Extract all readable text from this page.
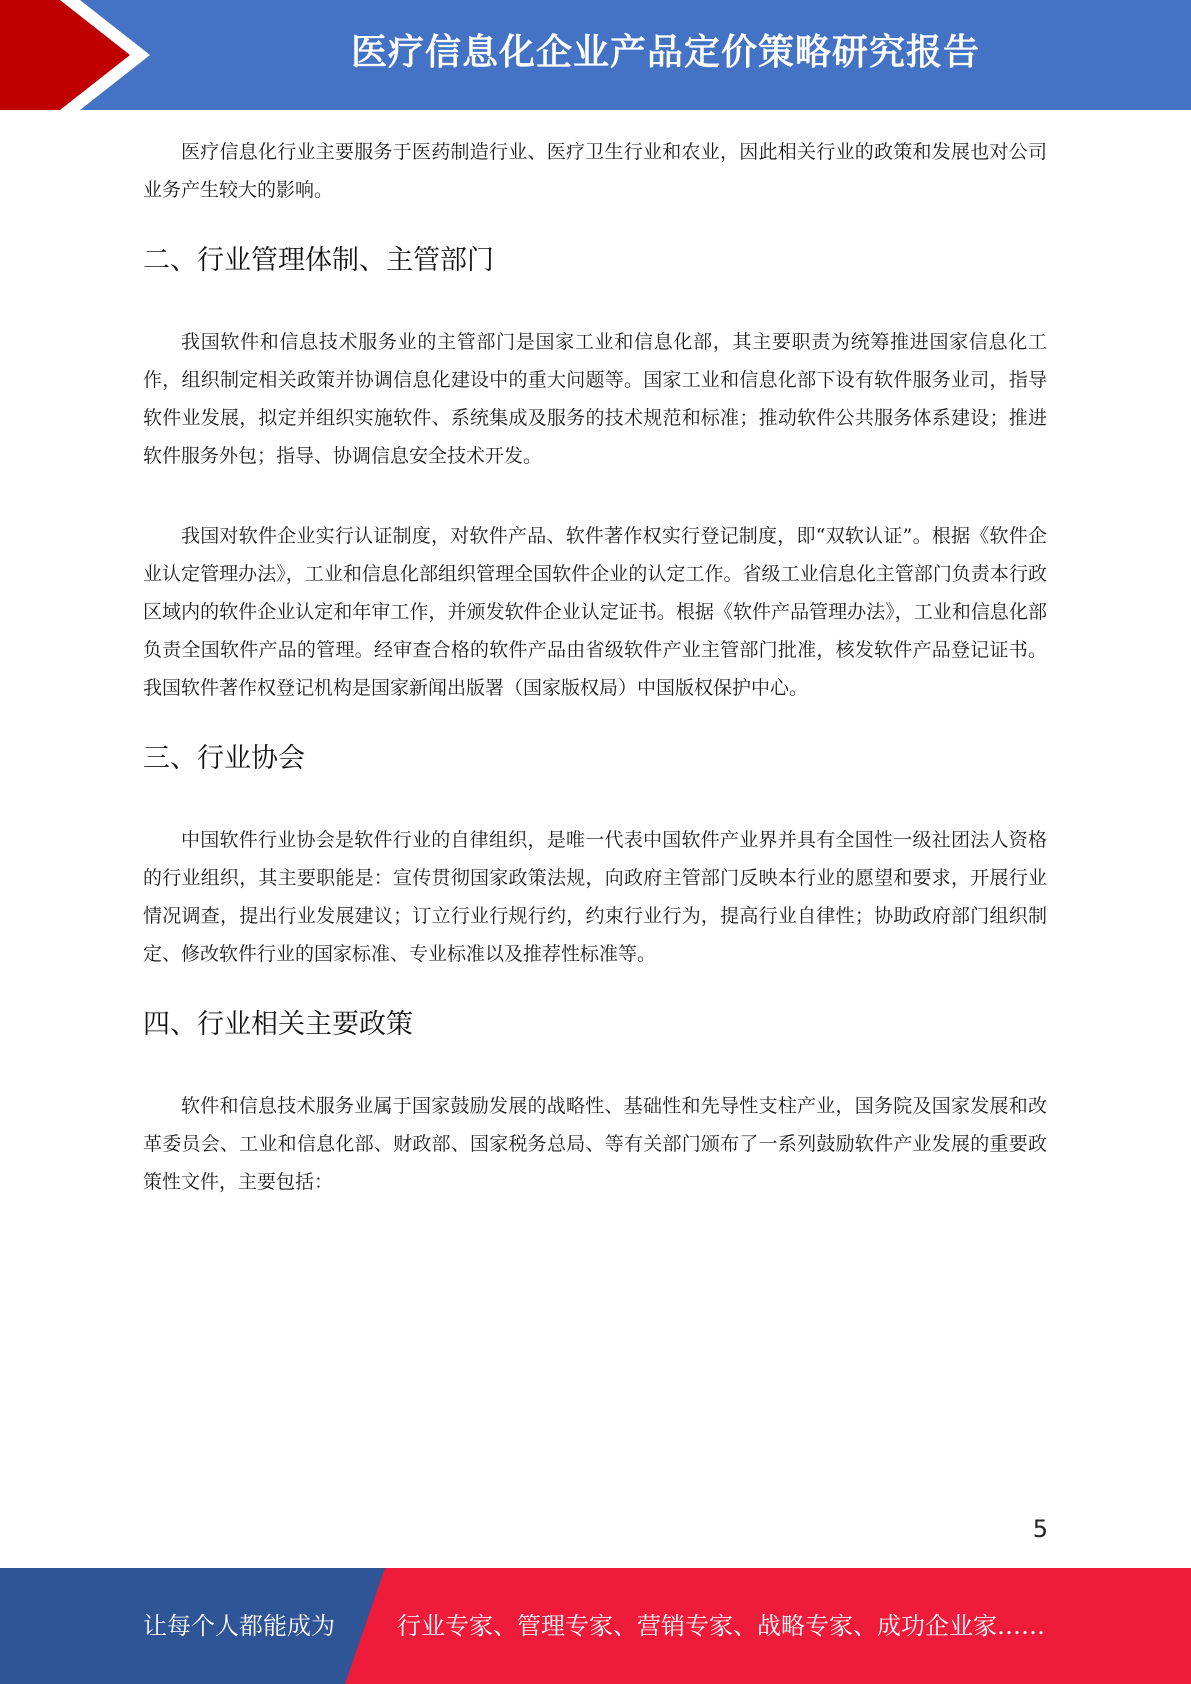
医疗信息化企业产品定价策略研究报告

医疗信息化行业主要服务于医药制造行业、医疗卫生行业和农业，因此相关行业的政策和发展也对公司业务产生较大的影响。

二、行业管理体制、主管部门

我国软件和信息技术服务业的主管部门是国家工业和信息化部，其主要职责为统筹推进国家信息化工作，组织制定相关政策并协调信息化建设中的重大问题等。国家工业和信息化部下设有软件服务业司，指导软件业发展，拟定并组织实施软件、系统集成及服务的技术规范和标准；推动软件公共服务体系建设；推进软件服务外包；指导、协调信息安全技术开发。

我国对软件企业实行认证制度，对软件产品、软件著作权实行登记制度，即“双软认证”。根据《软件企业认定管理办法》，工业和信息化部组织管理全国软件企业的认定工作。省级工业信息化主管部门负责本行政区域内的软件企业认定和年审工作，并颁发软件企业认定证书。根据《软件产品管理办法》，工业和信息化部负责全国软件产品的管理。经审查合格的软件产品由省级软件产业主管部门批准，核发软件产品登记证书。我国软件著作权登记机构是国家新闻出版署（国家版权局）中国版权保护中心。

三、行业协会

中国软件行业协会是软件行业的自律组织，是唯一代表中国软件产业界并具有全国性一级社团法人资格的行业组织，其主要职能是：宣传贯彻国家政策法规，向政府主管部门反映本行业的愿望和要求，开展行业情况调查，提出行业发展建议；订立行业行规行约，约束行业行为，提高行业自律性；协助政府部门组织制定、修改软件行业的国家标准、专业标准以及推荐性标准等。

四、行业相关主要政策

软件和信息技术服务业属于国家鼓励发展的战略性、基础性和先导性支柱产业，国务院及国家发展和改革委员会、工业和信息化部、财政部、国家税务总局、等有关部门颁布了一系列鼓励软件产业发展的重要政策性文件，主要包括：

5
让每个人都能成为	行业专家、管理专家、营销专家、战略专家、成功企业家……
